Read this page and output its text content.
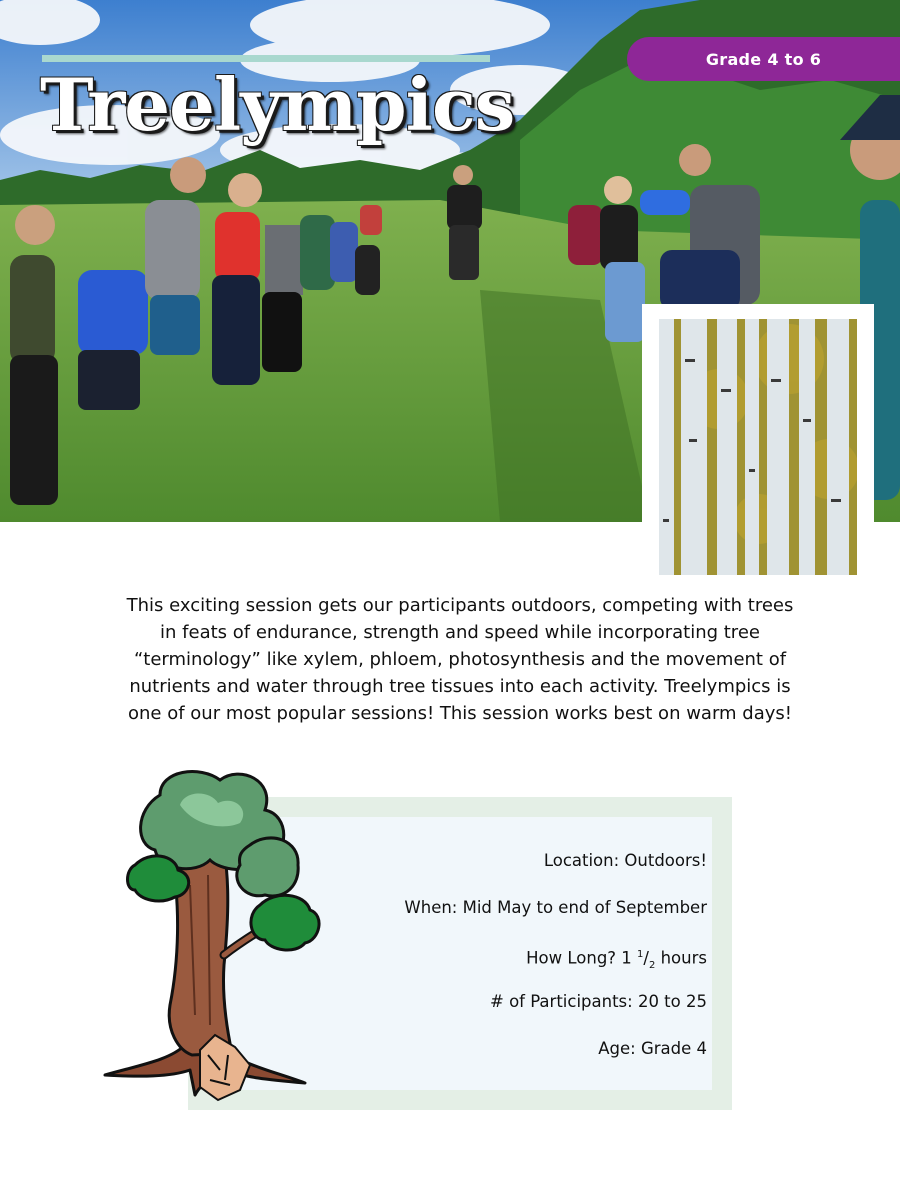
Treelympics
Grade 4 to 6

This exciting session gets our participants outdoors, competing with trees in feats of endurance, strength and speed while incorporating tree “terminology” like xylem, phloem, photosynthesis and the movement of nutrients and water through tree tissues into each activity. Treelympics is one of our most popular sessions! This session works best on warm days!

Location: Outdoors!
When: Mid May to end of September
How Long? 1 $^1/_2$ hours
# of Participants: 20 to 25
Age: Grade 4
